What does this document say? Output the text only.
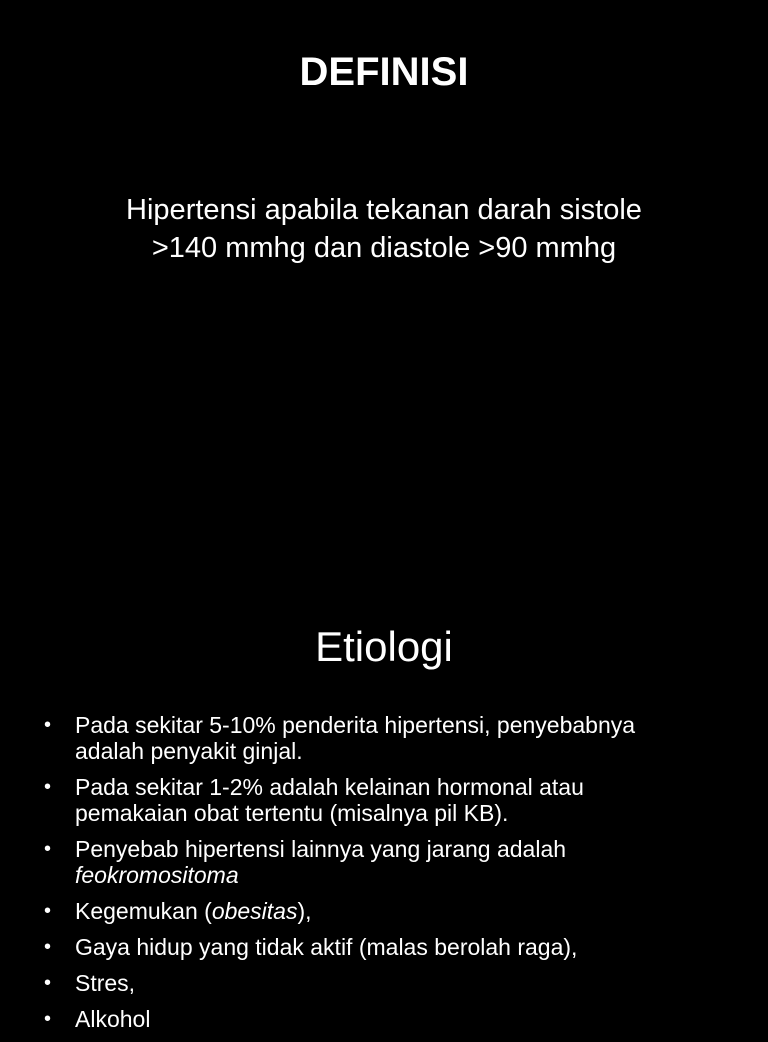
DEFINISI
Hipertensi apabila tekanan darah sistole
>140 mmhg dan diastole >90 mmhg
Etiologi
• Pada sekitar 5-10% penderita hipertensi, penyebabnya
adalah penyakit ginjal.
• Pada sekitar 1-2% adalah kelainan hormonal atau
pemakaian obat tertentu (misalnya pil KB).
• Penyebab hipertensi lainnya yang jarang adalah
feokromositoma
• Kegemukan (obesitas),
• Gaya hidup yang tidak aktif (malas berolah raga),
• Stres,
• Alkohol
